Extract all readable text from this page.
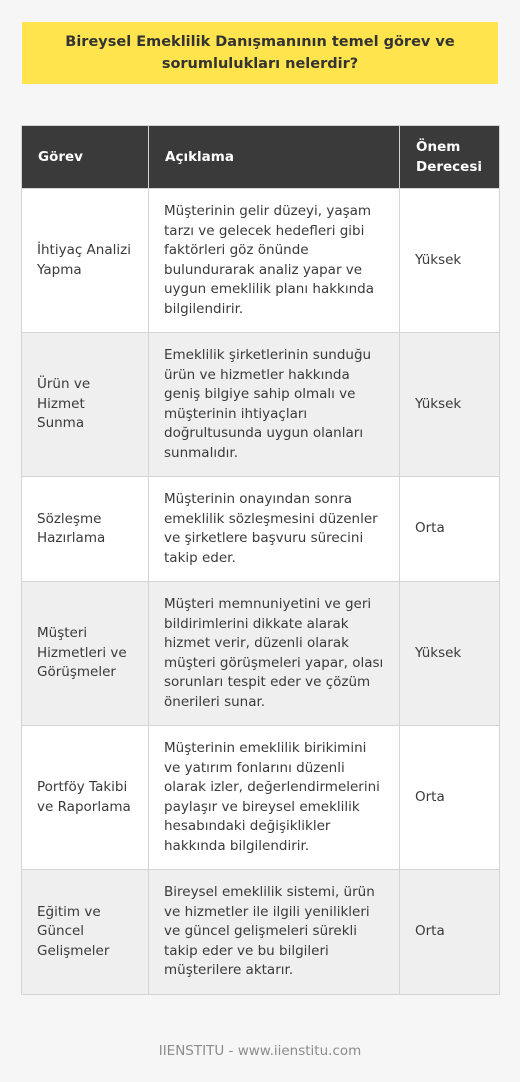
Bireysel Emeklilik Danışmanının temel görev ve sorumlulukları nelerdir?
Görev	Açıklama	Önem Derecesi
İhtiyaç Analizi Yapma	Müşterinin gelir düzeyi, yaşam tarzı ve gelecek hedefleri gibi faktörleri göz önünde bulundurarak analiz yapar ve uygun emeklilik planı hakkında bilgilendirir.	Yüksek
Ürün ve Hizmet Sunma	Emeklilik şirketlerinin sunduğu ürün ve hizmetler hakkında geniş bilgiye sahip olmalı ve müşterinin ihtiyaçları doğrultusunda uygun olanları sunmalıdır.	Yüksek
Sözleşme Hazırlama	Müşterinin onayından sonra emeklilik sözleşmesini düzenler ve şirketlere başvuru sürecini takip eder.	Orta
Müşteri Hizmetleri ve Görüşmeler	Müşteri memnuniyetini ve geri bildirimlerini dikkate alarak hizmet verir, düzenli olarak müşteri görüşmeleri yapar, olası sorunları tespit eder ve çözüm önerileri sunar.	Yüksek
Portföy Takibi ve Raporlama	Müşterinin emeklilik birikimini ve yatırım fonlarını düzenli olarak izler, değerlendirmelerini paylaşır ve bireysel emeklilik hesabındaki değişiklikler hakkında bilgilendirir.	Orta
Eğitim ve Güncel Gelişmeler	Bireysel emeklilik sistemi, ürün ve hizmetler ile ilgili yenilikleri ve güncel gelişmeleri sürekli takip eder ve bu bilgileri müşterilere aktarır.	Orta
IIENSTITU - www.iienstitu.com
